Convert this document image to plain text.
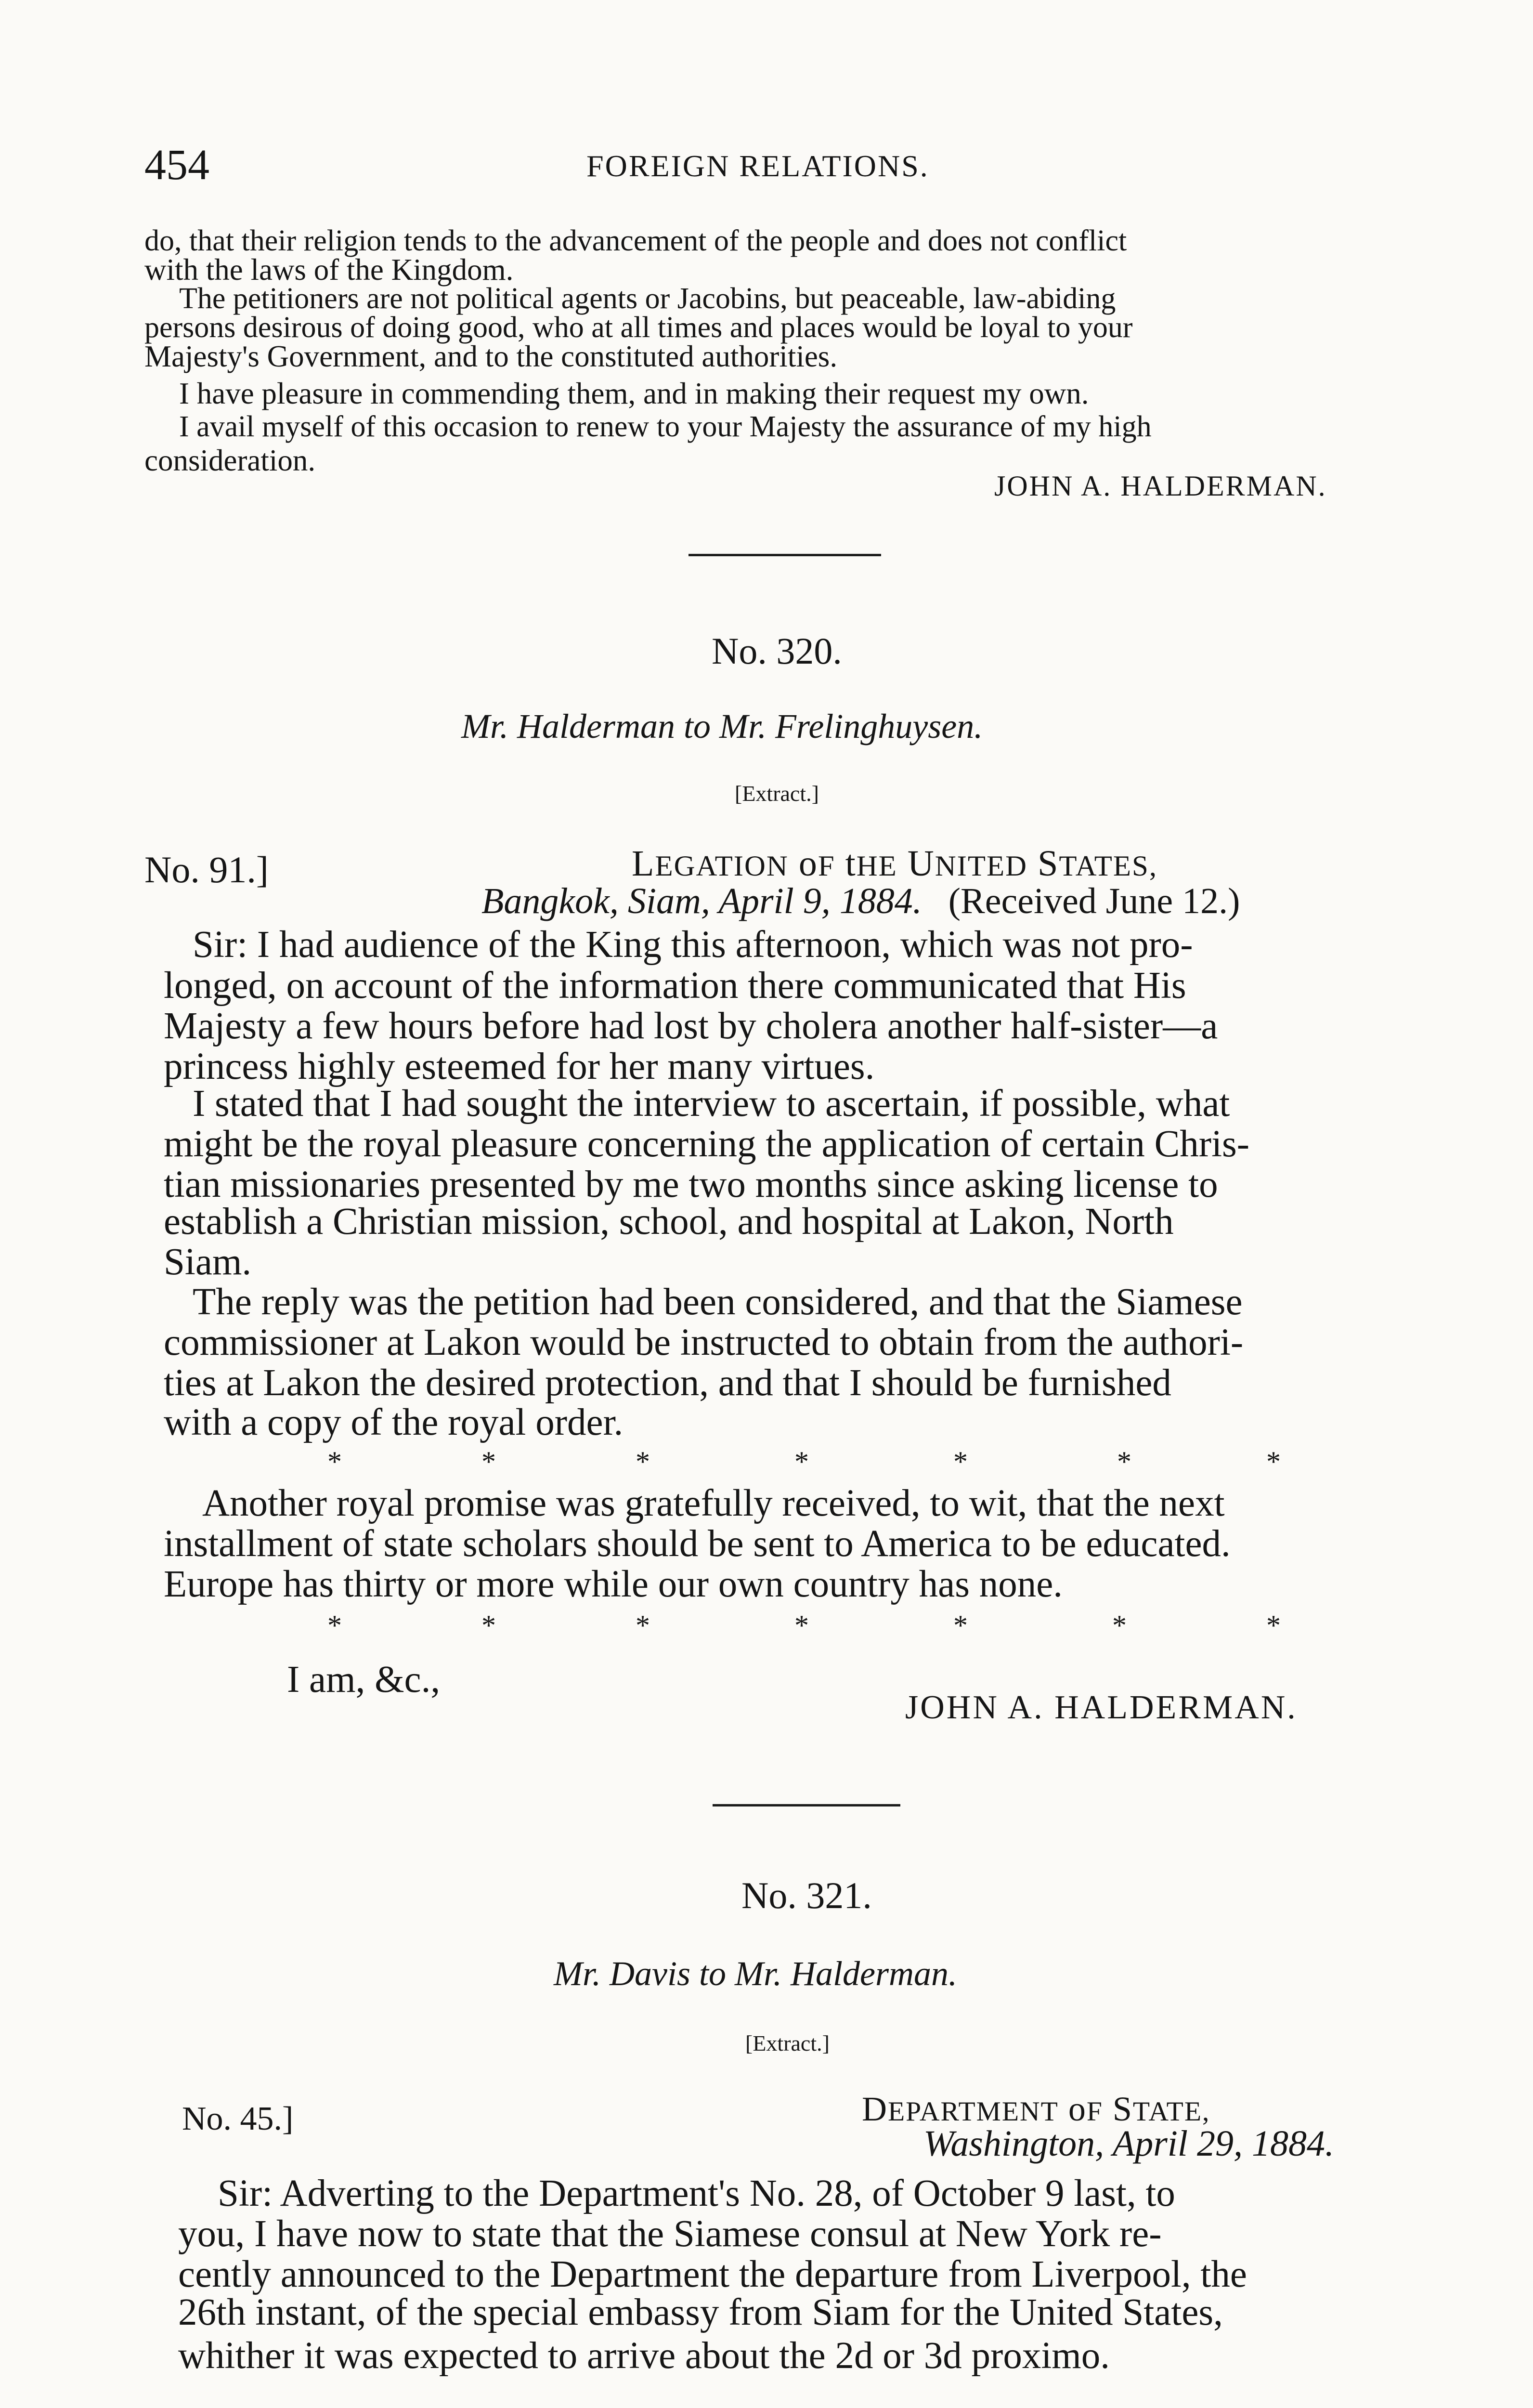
454	FOREIGN RELATIONS.
do, that their religion tends to the advancement of the people and does not conflict
with the laws of the Kingdom.
The petitioners are not political agents or Jacobins, but peaceable, law-abiding
persons desirous of doing good, who at all times and places would be loyal to your
Majesty's Government, and to the constituted authorities.
I have pleasure in commending them, and in making their request my own.
I avail myself of this occasion to renew to your Majesty the assurance of my high
consideration.
JOHN A. HALDERMAN.
No. 320.
Mr. Halderman to Mr. Frelinghuysen.
[Extract.]
No. 91.]	LEGATION oF tHE UNITED STATES,
Bangkok, Siam, April 9, 1884. (Received June 12.)
Sir: I had audience of the King this afternoon, which was not pro-
longed, on account of the information there communicated that His
Majesty a few hours before had lost by cholera another half-sister—a
princess highly esteemed for her many virtues.
I stated that I had sought the interview to ascertain, if possible, what
might be the royal pleasure concerning the application of certain Chris-
tian missionaries presented by me two months since asking license to
establish a Christian mission, school, and hospital at Lakon, North
Siam.
The reply was the petition had been considered, and that the Siamese
commissioner at Lakon would be instructed to obtain from the authori-
ties at Lakon the desired protection, and that I should be furnished
with a copy of the royal order.
*	*	*	*	*	*	*
Another royal promise was gratefully received, to wit, that the next
installment of state scholars should be sent to America to be educated.
Europe has thirty or more while our own country has none.
*	*	*	*	*	*	*
I am, &c.,
JOHN A. HALDERMAN.
No. 321.
Mr. Davis to Mr. Halderman.
[Extract.]
No. 45.]	DEPARTMENT oF STATE,
Washington, April 29, 1884.
Sir: Adverting to the Department's No. 28, of October 9 last, to
you, I have now to state that the Siamese consul at New York re-
cently announced to the Department the departure from Liverpool, the
26th instant, of the special embassy from Siam for the United States,
whither it was expected to arrive about the 2d or 3d proximo.
